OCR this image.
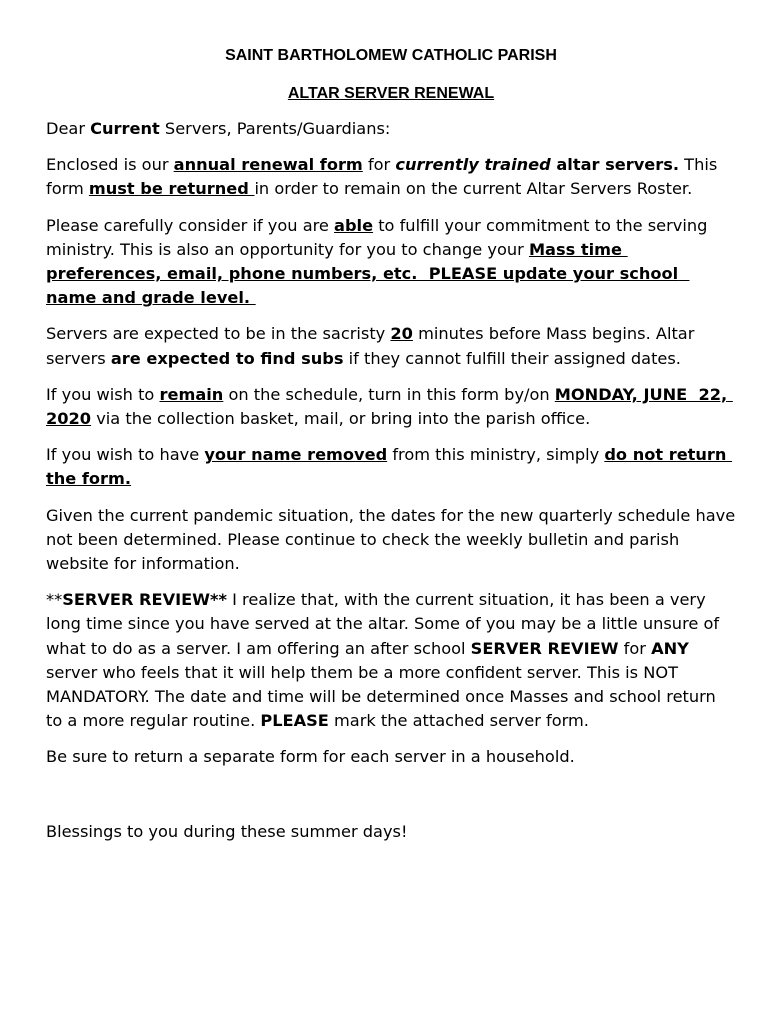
SAINT BARTHOLOMEW CATHOLIC PARISH
ALTAR SERVER RENEWAL

Dear Current Servers, Parents/Guardians:

Enclosed is our annual renewal form for currently trained altar servers. This form must be returned in order to remain on the current Altar Servers Roster.

Please carefully consider if you are able to fulfill your commitment to the serving ministry. This is also an opportunity for you to change your Mass time preferences, email, phone numbers, etc.  PLEASE update your school  name and grade level.

Servers are expected to be in the sacristy 20 minutes before Mass begins. Altar servers are expected to find subs if they cannot fulfill their assigned dates.

If you wish to remain on the schedule, turn in this form by/on MONDAY, JUNE  22, 2020 via the collection basket, mail, or bring into the parish office.

If you wish to have your name removed from this ministry, simply do not return the form.

Given the current pandemic situation, the dates for the new quarterly schedule have not been determined. Please continue to check the weekly bulletin and parish website for information.

**SERVER REVIEW** I realize that, with the current situation, it has been a very long time since you have served at the altar. Some of you may be a little unsure of what to do as a server. I am offering an after school SERVER REVIEW for ANY server who feels that it will help them be a more confident server. This is NOT MANDATORY. The date and time will be determined once Masses and school return to a more regular routine. PLEASE mark the attached server form.

Be sure to return a separate form for each server in a household.

Blessings to you during these summer days!
